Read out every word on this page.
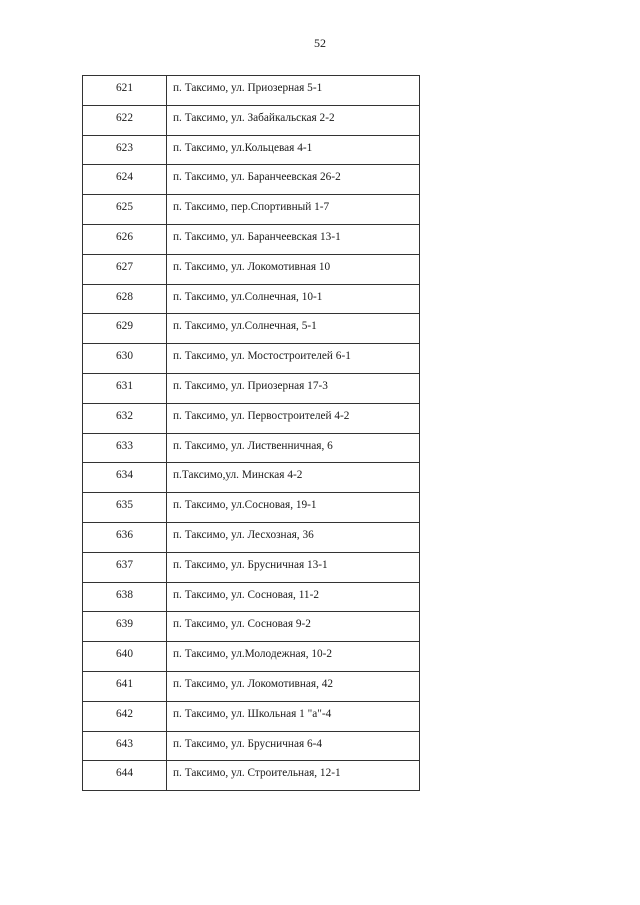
52
621	п. Таксимо, ул. Приозерная 5-1
622	п. Таксимо, ул. Забайкальская 2-2
623	п. Таксимо, ул.Кольцевая 4-1
624	п. Таксимо, ул. Баранчеевская 26-2
625	п. Таксимо, пер.Спортивный 1-7
626	п. Таксимо, ул. Баранчеевская 13-1
627	п. Таксимо, ул. Локомотивная 10
628	п. Таксимо, ул.Солнечная, 10-1
629	п. Таксимо, ул.Солнечная, 5-1
630	п. Таксимо, ул. Мостостроителей 6-1
631	п. Таксимо, ул. Приозерная 17-3
632	п. Таксимо, ул. Первостроителей 4-2
633	п. Таксимо, ул. Лиственничная, 6
634	п.Таксимо,ул. Минская 4-2
635	п. Таксимо, ул.Сосновая, 19-1
636	п. Таксимо, ул. Лесхозная, 36
637	п. Таксимо, ул. Брусничная 13-1
638	п. Таксимо, ул. Сосновая, 11-2
639	п. Таксимо, ул. Сосновая 9-2
640	п. Таксимо, ул.Молодежная, 10-2
641	п. Таксимо, ул. Локомотивная, 42
642	п. Таксимо, ул. Школьная 1 "а"-4
643	п. Таксимо, ул. Брусничная 6-4
644	п. Таксимо, ул. Строительная, 12-1
